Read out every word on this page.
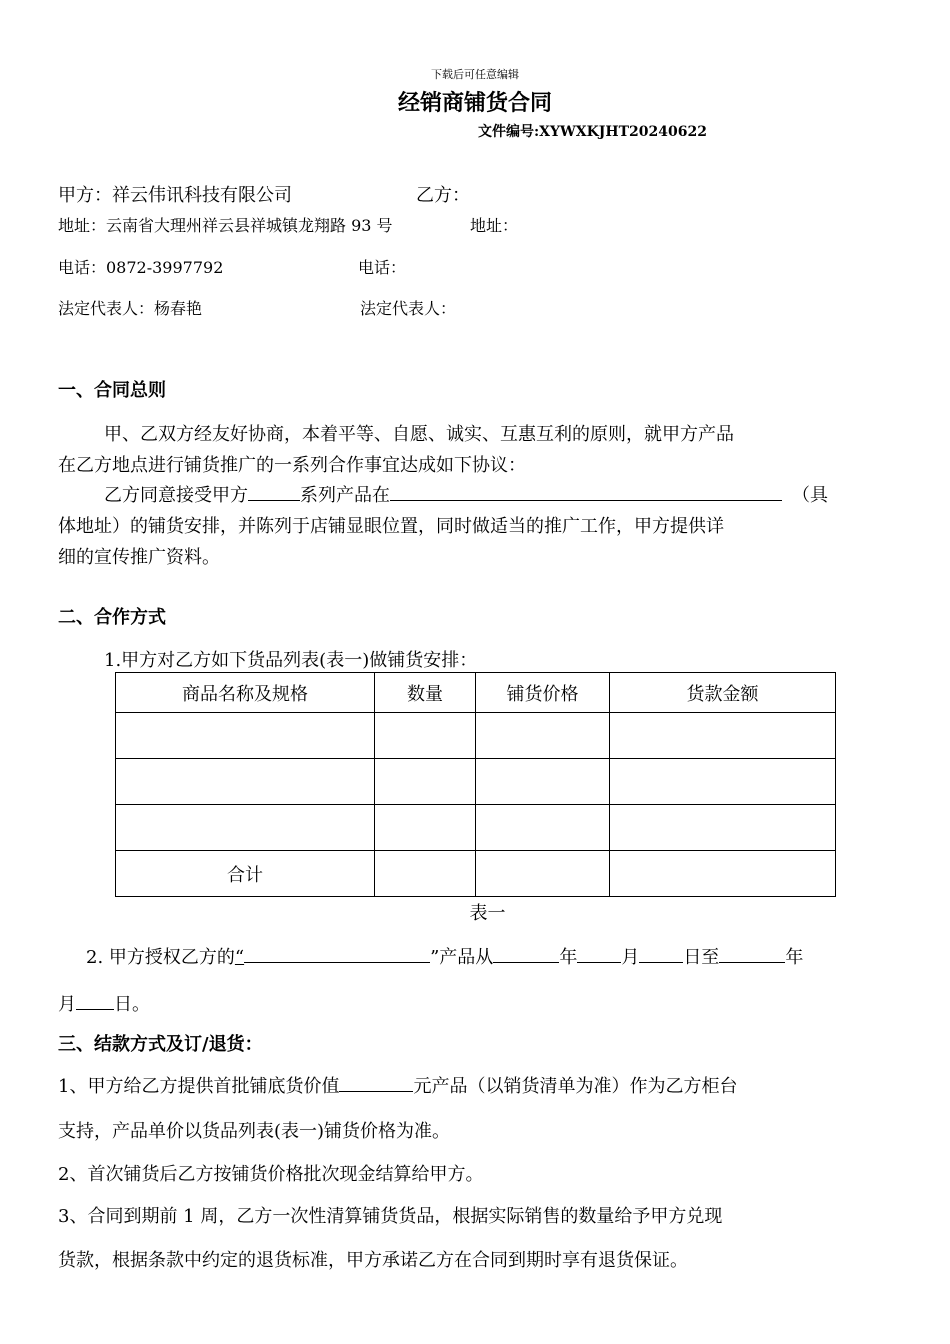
下载后可任意编辑
经销商铺货合同
文件编号:XYWXKJHT20240622
甲方：祥云伟讯科技有限公司	乙方：
地址：云南省大理州祥云县祥城镇龙翔路 93 号	地址：
电话：0872-3997792	电话：
法定代表人：杨春艳	法定代表人：
一、合同总则
甲、乙双方经友好协商，本着平等、自愿、诚实、互惠互利的原则，就甲方产品
在乙方地点进行铺货推广的一系列合作事宜达成如下协议：
乙方同意接受甲方	系列产品在	（具
体地址）的铺货安排，并陈列于店铺显眼位置，同时做适当的推广工作，甲方提供详
细的宣传推广资料。
二、合作方式
1.甲方对乙方如下货品列表(表一)做铺货安排：
商品名称及规格	数量	铺货价格	货款金额

合计			
表一
2. 甲方授权乙方的“	”产品从	年 月 日至	年
月 日。
三、结款方式及订/退货：
1、甲方给乙方提供首批铺底货价值	元产品（以销货清单为准）作为乙方柜台
支持，产品单价以货品列表(表一)铺货价格为准。
2、首次铺货后乙方按铺货价格批次现金结算给甲方。
3、合同到期前 1 周，乙方一次性清算铺货货品，根据实际销售的数量给予甲方兑现
货款，根据条款中约定的退货标准，甲方承诺乙方在合同到期时享有退货保证。
